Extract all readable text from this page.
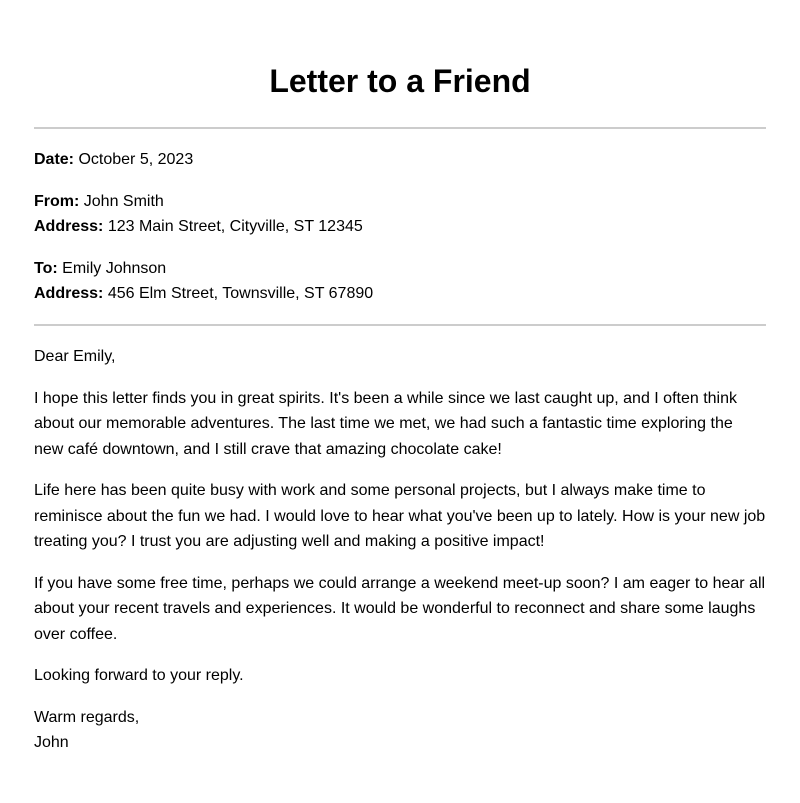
Letter to a Friend
Date: October 5, 2023
From: John Smith
Address: 123 Main Street, Cityville, ST 12345
To: Emily Johnson
Address: 456 Elm Street, Townsville, ST 67890

Dear Emily,

I hope this letter finds you in great spirits. It's been a while since we last caught up, and I often think about our memorable adventures. The last time we met, we had such a fantastic time exploring the new café downtown, and I still crave that amazing chocolate cake!

Life here has been quite busy with work and some personal projects, but I always make time to reminisce about the fun we had. I would love to hear what you've been up to lately. How is your new job treating you? I trust you are adjusting well and making a positive impact!

If you have some free time, perhaps we could arrange a weekend meet-up soon? I am eager to hear all about your recent travels and experiences. It would be wonderful to reconnect and share some laughs over coffee.

Looking forward to your reply.

Warm regards,
John
